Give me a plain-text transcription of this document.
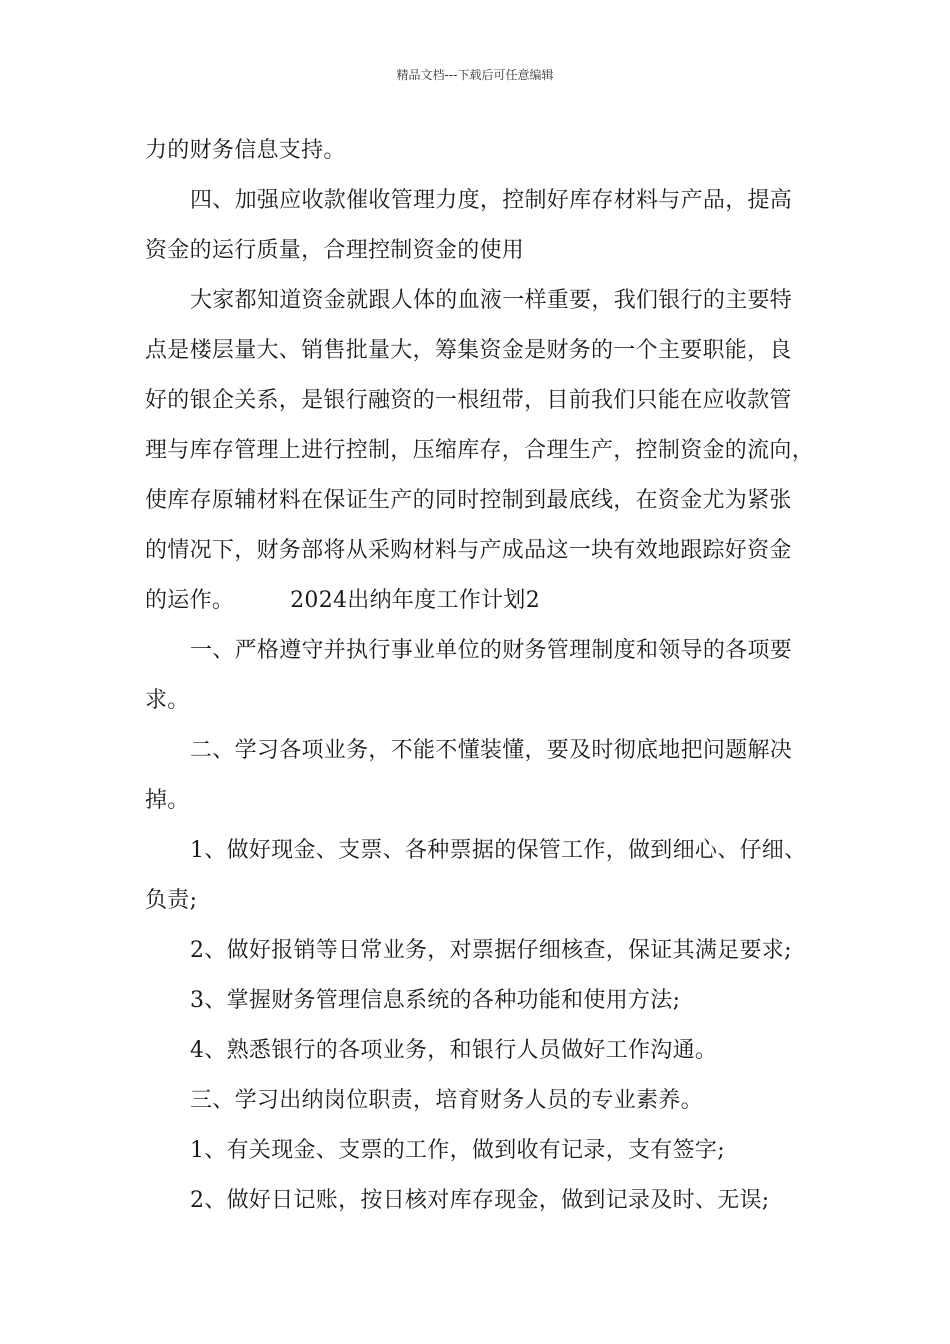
精品文档---下载后可任意编辑
力的财务信息支持。
四、加强应收款催收管理力度，控制好库存材料与产品，提高
资金的运行质量，合理控制资金的使用
大家都知道资金就跟人体的血液一样重要，我们银行的主要特
点是楼层量大、销售批量大，筹集资金是财务的一个主要职能，良
好的银企关系，是银行融资的一根纽带，目前我们只能在应收款管
理与库存管理上进行控制，压缩库存，合理生产，控制资金的流向，
使库存原辅材料在保证生产的同时控制到最底线，在资金尤为紧张
的情况下，财务部将从采购材料与产成品这一块有效地跟踪好资金
的运作。　　　2024出纳年度工作计划2
一、严格遵守并执行事业单位的财务管理制度和领导的各项要
求。
二、学习各项业务，不能不懂装懂，要及时彻底地把问题解决
掉。
1、做好现金、支票、各种票据的保管工作，做到细心、仔细、
负责;
2、做好报销等日常业务，对票据仔细核查，保证其满足要求;
3、掌握财务管理信息系统的各种功能和使用方法;
4、熟悉银行的各项业务，和银行人员做好工作沟通。
三、学习出纳岗位职责，培育财务人员的专业素养。
1、有关现金、支票的工作，做到收有记录，支有签字;
2、做好日记账，按日核对库存现金，做到记录及时、无误;
